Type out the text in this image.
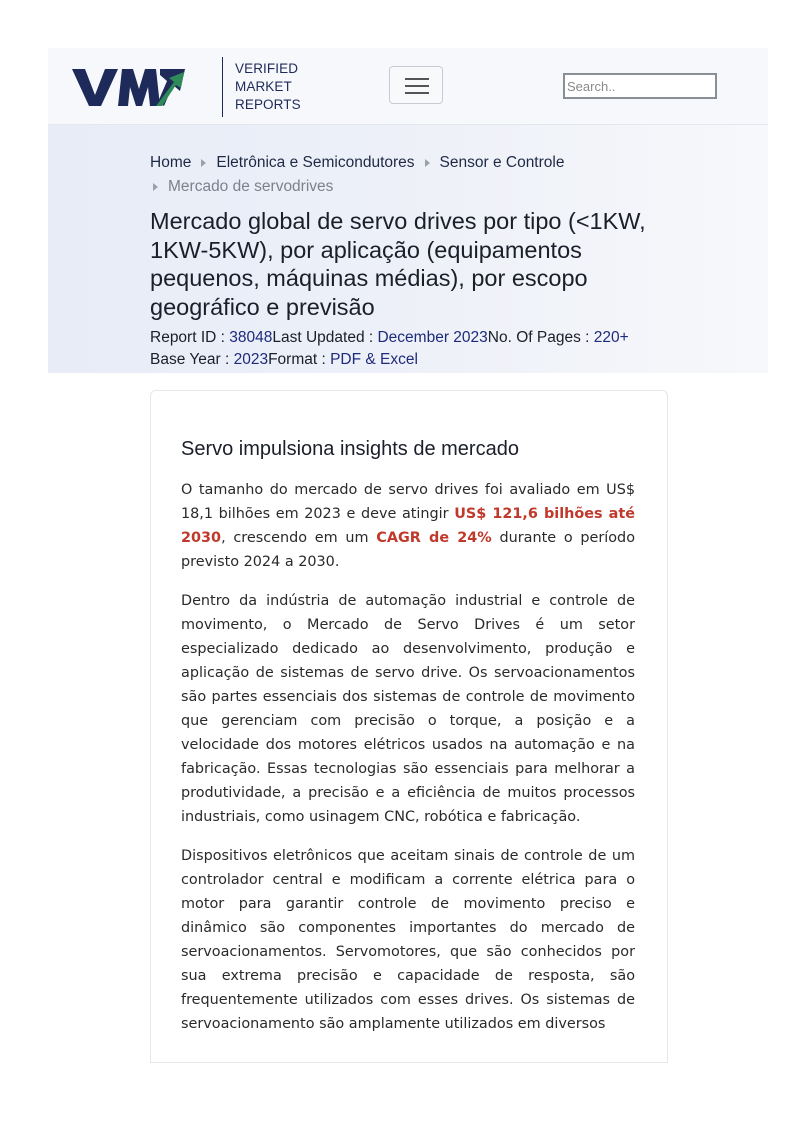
VERIFIED
MARKET
REPORTS
Search..
Home Eletrônica e Semicondutores Sensor e Controle
Mercado de servodrives
Mercado global de servo drives por tipo (<1KW, 1KW-5KW), por aplicação (equipamentos pequenos, máquinas médias), por escopo geográfico e previsão
Report ID : 38048Last Updated : December 2023No. Of Pages : 220+
Base Year : 2023Format : PDF & Excel
Servo impulsiona insights de mercado

O tamanho do mercado de servo drives foi avaliado em US$ 18,1 bilhões em 2023 e deve atingir US$ 121,6 bilhões até 2030, crescendo em um CAGR de 24% durante o período previsto 2024 a 2030.

Dentro da indústria de automação industrial e controle de movimento, o Mercado de Servo Drives é um setor especializado dedicado ao desenvolvimento, produção e aplicação de sistemas de servo drive. Os servoacionamentos são partes essenciais dos sistemas de controle de movimento que gerenciam com precisão o torque, a posição e a velocidade dos motores elétricos usados na automação e na fabricação. Essas tecnologias são essenciais para melhorar a produtividade, a precisão e a eficiência de muitos processos industriais, como usinagem CNC, robótica e fabricação.

Dispositivos eletrônicos que aceitam sinais de controle de um controlador central e modificam a corrente elétrica para o motor para garantir controle de movimento preciso e dinâmico são componentes importantes do mercado de servoacionamentos. Servomotores, que são conhecidos por sua extrema precisão e capacidade de resposta, são frequentemente utilizados com esses drives. Os sistemas de servoacionamento são amplamente utilizados em diversos
